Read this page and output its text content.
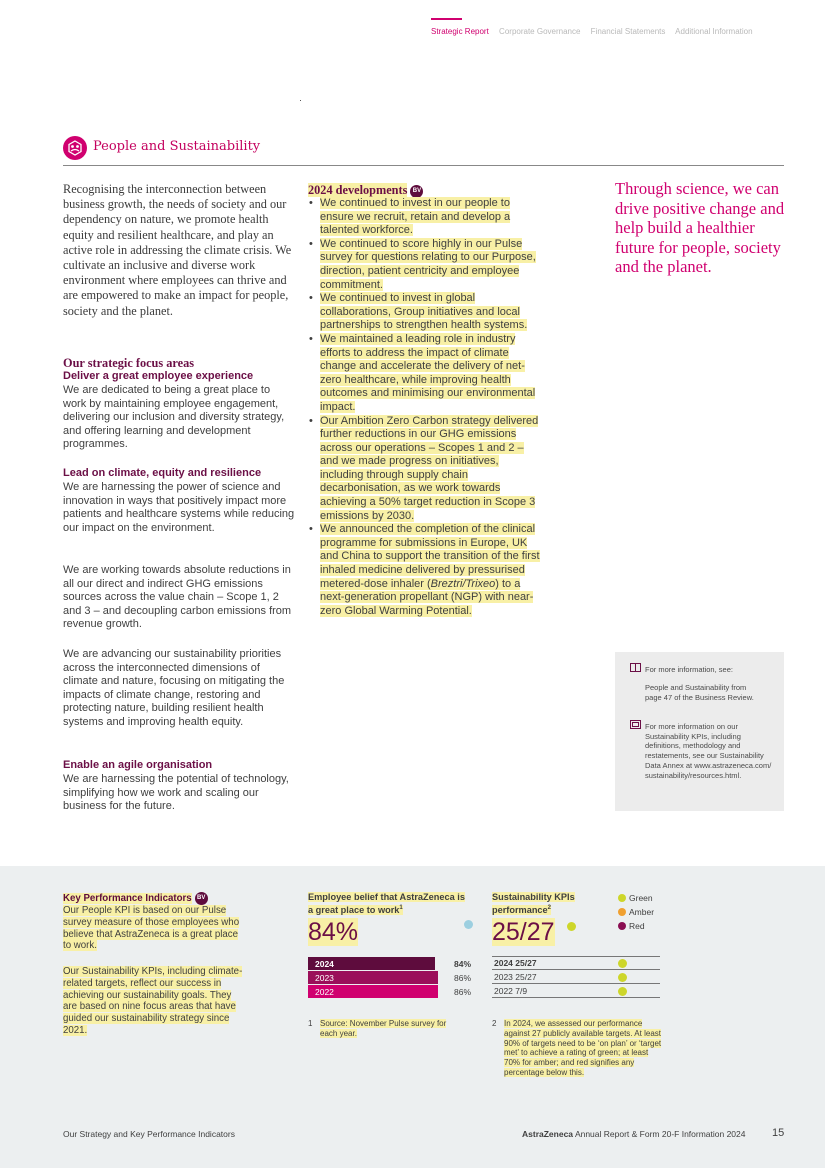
Strategic Report Corporate Governance Financial Statements Additional Information
People and Sustainability
Recognising the interconnection between business growth, the needs of society and our dependency on nature, we promote health equity and resilient healthcare, and play an active role in addressing the climate crisis. We cultivate an inclusive and diverse work environment where employees can thrive and are empowered to make an impact for people, society and the planet.
Our strategic focus areas
Deliver a great employee experience
We are dedicated to being a great place to work by maintaining employee engagement, delivering our inclusion and diversity strategy, and offering learning and development programmes.
Lead on climate, equity and resilience
We are harnessing the power of science and innovation in ways that positively impact more patients and healthcare systems while reducing our impact on the environment.
We are working towards absolute reductions in all our direct and indirect GHG emissions sources across the value chain – Scope 1, 2 and 3 – and decoupling carbon emissions from revenue growth.
We are advancing our sustainability priorities across the interconnected dimensions of climate and nature, focusing on mitigating the impacts of climate change, restoring and protecting nature, building resilient health systems and improving health equity.
Enable an agile organisation
We are harnessing the potential of technology, simplifying how we work and scaling our business for the future.
2024 developments BV
• We continued to invest in our people to ensure we recruit, retain and develop a talented workforce.
• We continued to score highly in our Pulse survey for questions relating to our Purpose, direction, patient centricity and employee commitment.
• We continued to invest in global collaborations, Group initiatives and local partnerships to strengthen health systems.
• We maintained a leading role in industry efforts to address the impact of climate change and accelerate the delivery of net-zero healthcare, while improving health outcomes and minimising our environmental impact.
• Our Ambition Zero Carbon strategy delivered further reductions in our GHG emissions across our operations – Scopes 1 and 2 – and we made progress on initiatives, including through supply chain decarbonisation, as we work towards achieving a 50% target reduction in Scope 3 emissions by 2030.
• We announced the completion of the clinical programme for submissions in Europe, UK and China to support the transition of the first inhaled medicine delivered by pressurised metered-dose inhaler (Breztri/Trixeo) to a next-generation propellant (NGP) with near-zero Global Warming Potential.
Through science, we can drive positive change and help build a healthier future for people, society and the planet.
For more information, see:
People and Sustainability from page 47 of the Business Review.
For more information on our Sustainability KPIs, including definitions, methodology and restatements, see our Sustainability Data Annex at www.astrazeneca.com/ sustainability/resources.html.
Key Performance Indicators BV
Our People KPI is based on our Pulse survey measure of those employees who believe that AstraZeneca is a great place to work.
Our Sustainability KPIs, including climate-related targets, reflect our success in achieving our sustainability goals. They are based on nine focus areas that have guided our sustainability strategy since 2021.
Employee belief that AstraZeneca is a great place to work$^1$
84%
2024	84%
2023	86%
2022	86%
1 Source: November Pulse survey for each year.
Sustainability KPIs performance$^2$
25/27
Green
Amber
Red
2024 25/27
2023 25/27
2022 7/9
2 In 2024, we assessed our performance against 27 publicly available targets. At least 90% of targets need to be ‘on plan’ or ‘target met’ to achieve a rating of green; at least 70% for amber; and red signifies any percentage below this.
Our Strategy and Key Performance Indicators	AstraZeneca Annual Report & Form 20-F Information 2024 15
